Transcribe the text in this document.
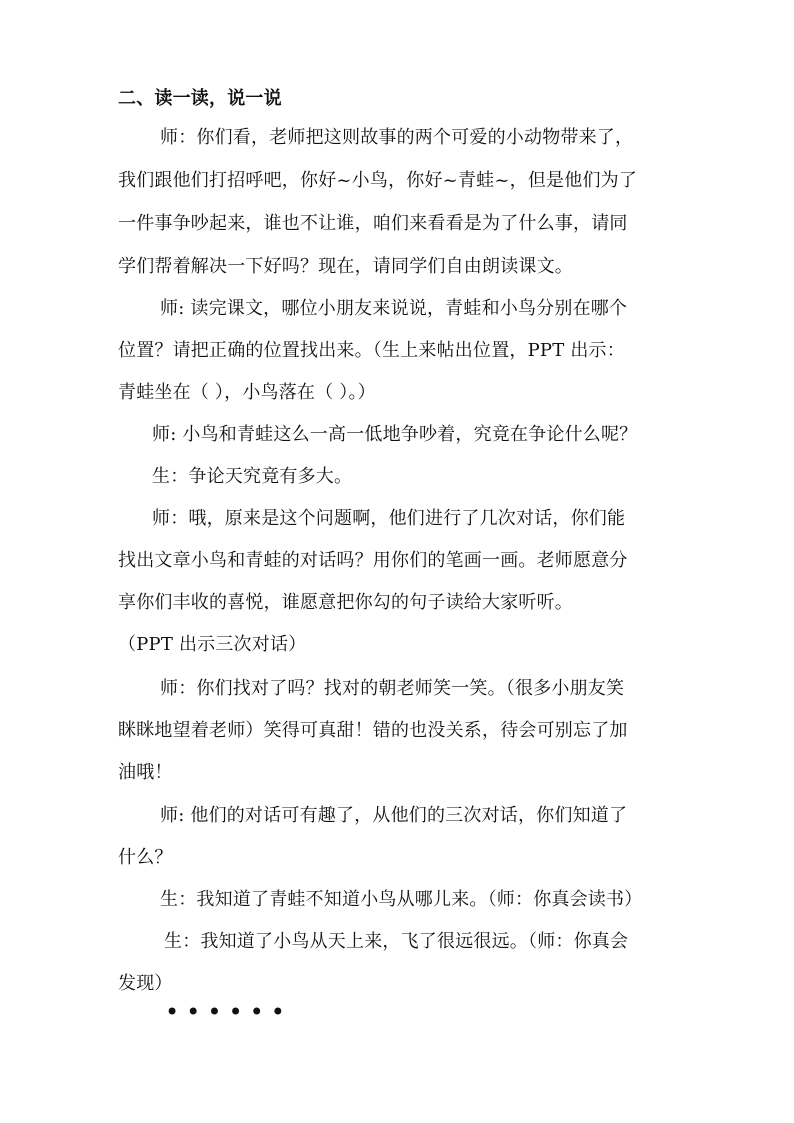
二、读一读，说一说
师：你们看，老师把这则故事的两个可爱的小动物带来了，
我们跟他们打招呼吧，你好~小鸟，你好~青蛙~，但是他们为了
一件事争吵起来，谁也不让谁，咱们来看看是为了什么事，请同
学们帮着解决一下好吗？现在，请同学们自由朗读课文。
师: 读完课文，哪位小朋友来说说，青蛙和小鸟分别在哪个
位置？请把正确的位置找出来。（生上来帖出位置，PPT 出示：
青蛙坐在（ ），小鸟落在（ ）。）
师: 小鸟和青蛙这么一高一低地争吵着，究竟在争论什么呢？
生：争论天究竟有多大。
师：哦，原来是这个问题啊，他们进行了几次对话，你们能
找出文章小鸟和青蛙的对话吗？用你们的笔画一画。老师愿意分
享你们丰收的喜悦，谁愿意把你勾的句子读给大家听听。
（PPT 出示三次对话）
师：你们找对了吗？找对的朝老师笑一笑。（很多小朋友笑
眯眯地望着老师）笑得可真甜！错的也没关系，待会可别忘了加
油哦！
师: 他们的对话可有趣了，从他们的三次对话，你们知道了
什么？
生：我知道了青蛙不知道小鸟从哪儿来。（师：你真会读书）
生：我知道了小鸟从天上来，飞了很远很远。（师：你真会
发现）
••••••
